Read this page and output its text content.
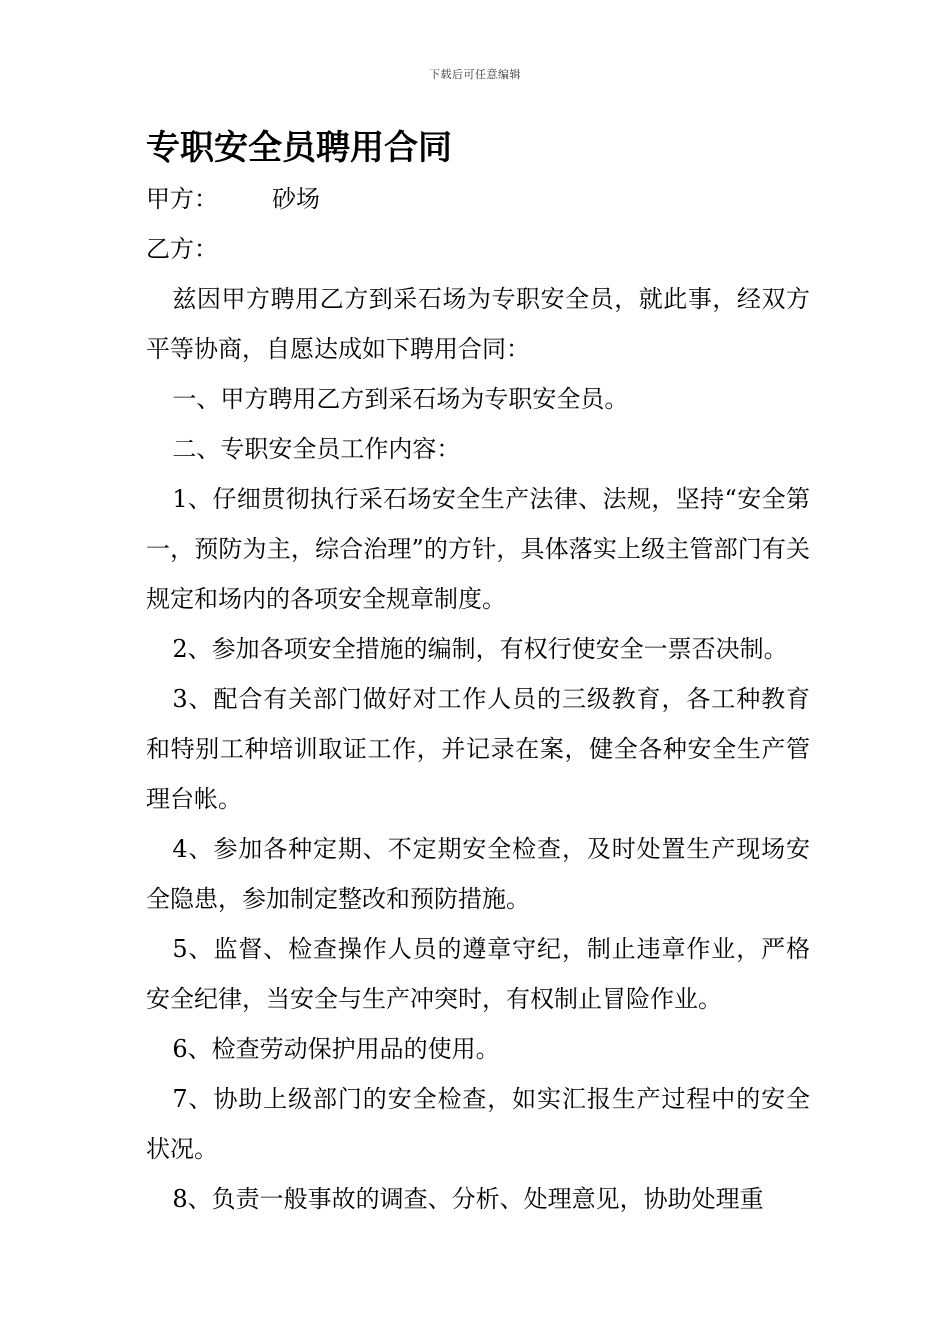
下载后可任意编辑
专职安全员聘用合同
甲方： 砂场
乙方：

兹因甲方聘用乙方到采石场为专职安全员，就此事，经双方平等协商，自愿达成如下聘用合同：

一、甲方聘用乙方到采石场为专职安全员。

二、专职安全员工作内容：

1、仔细贯彻执行采石场安全生产法律、法规，坚持“安全第一，预防为主，综合治理”的方针，具体落实上级主管部门有关规定和场内的各项安全规章制度。

2、参加各项安全措施的编制，有权行使安全一票否决制。

3、配合有关部门做好对工作人员的三级教育，各工种教育和特别工种培训取证工作，并记录在案，健全各种安全生产管理台帐。

4、参加各种定期、不定期安全检查，及时处置生产现场安全隐患，参加制定整改和预防措施。

5、监督、检查操作人员的遵章守纪，制止违章作业，严格安全纪律，当安全与生产冲突时，有权制止冒险作业。

6、检查劳动保护用品的使用。

7、协助上级部门的安全检查，如实汇报生产过程中的安全状况。

8、负责一般事故的调查、分析、处理意见，协助处理重
